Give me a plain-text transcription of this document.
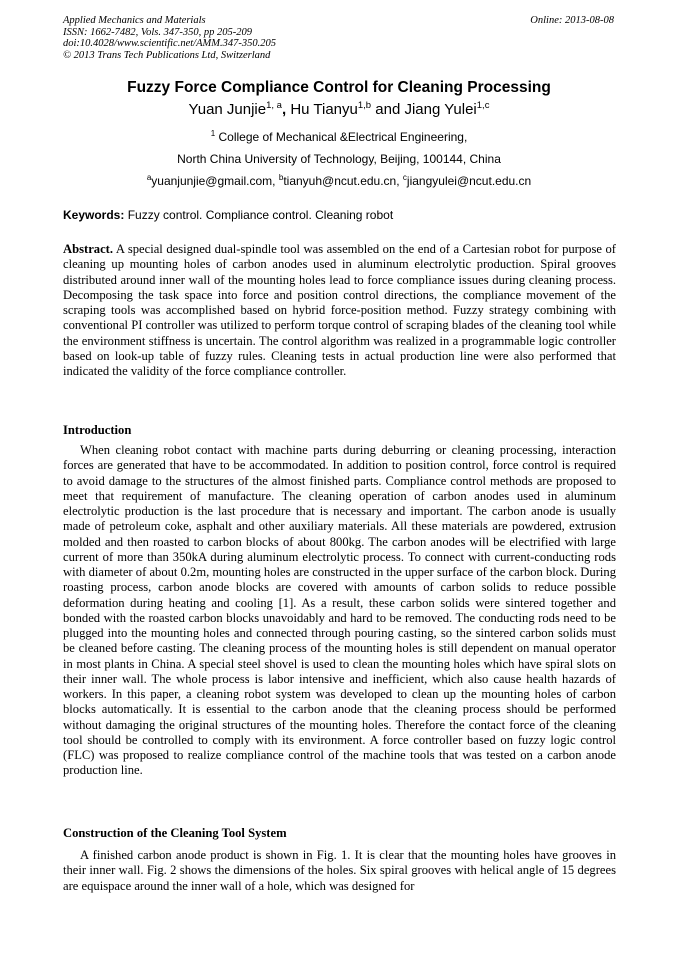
Applied Mechanics and Materials
ISSN: 1662-7482, Vols. 347-350, pp 205-209
doi:10.4028/www.scientific.net/AMM.347-350.205
© 2013 Trans Tech Publications Ltd, Switzerland
Online: 2013-08-08
Fuzzy Force Compliance Control for Cleaning Processing
Yuan Junjie$^{1, a}$, Hu Tianyu$^{1,b}$ and Jiang Yulei$^{1,c}$
$^1$ College of Mechanical &Electrical Engineering,
North China University of Technology, Beijing, 100144, China
$^a$yuanjunjie@gmail.com, $^b$tianyuh@ncut.edu.cn, $^c$jiangyulei@ncut.edu.cn
Keywords: Fuzzy control. Compliance control. Cleaning robot
Abstract. A special designed dual-spindle tool was assembled on the end of a Cartesian robot for purpose of cleaning up mounting holes of carbon anodes used in aluminum electrolytic production. Spiral grooves distributed around inner wall of the mounting holes lead to force compliance issues during cleaning process. Decomposing the task space into force and position control directions, the compliance movement of the scraping tools was accomplished based on hybrid force-position method. Fuzzy strategy combining with conventional PI controller was utilized to perform torque control of scraping blades of the cleaning tool while the environment stiffness is uncertain. The control algorithm was realized in a programmable logic controller based on look-up table of fuzzy rules. Cleaning tests in actual production line were also performed that indicated the validity of the force compliance controller.
Introduction
When cleaning robot contact with machine parts during deburring or cleaning processing, interaction forces are generated that have to be accommodated. In addition to position control, force control is required to avoid damage to the structures of the almost finished parts. Compliance control methods are proposed to meet that requirement of manufacture. The cleaning operation of carbon anodes used in aluminum electrolytic production is the last procedure that is necessary and important. The carbon anode is usually made of petroleum coke, asphalt and other auxiliary materials. All these materials are powdered, extrusion molded and then roasted to carbon blocks of about 800kg. The carbon anodes will be electrified with large current of more than 350kA during aluminum electrolytic process. To connect with current-conducting rods with diameter of about 0.2m, mounting holes are constructed in the upper surface of the carbon block. During roasting process, carbon anode blocks are covered with amounts of carbon solids to reduce possible deformation during heating and cooling [1]. As a result, these carbon solids were sintered together and bonded with the roasted carbon blocks unavoidably and hard to be removed. The conducting rods need to be plugged into the mounting holes and connected through pouring casting, so the sintered carbon solids must be cleaned before casting. The cleaning process of the mounting holes is still dependent on manual operator in most plants in China. A special steel shovel is used to clean the mounting holes which have spiral slots on their inner wall. The whole process is labor intensive and inefficient, which also cause health hazards of workers. In this paper, a cleaning robot system was developed to clean up the mounting holes of carbon blocks automatically. It is essential to the carbon anode that the cleaning process should be performed without damaging the original structures of the mounting holes. Therefore the contact force of the cleaning tool should be controlled to comply with its environment. A force controller based on fuzzy logic control (FLC) was proposed to realize compliance control of the machine tools that was tested on a carbon anode production line.
Construction of the Cleaning Tool System
A finished carbon anode product is shown in Fig. 1. It is clear that the mounting holes have grooves in their inner wall. Fig. 2 shows the dimensions of the holes. Six spiral grooves with helical angle of 15 degrees are equispace around the inner wall of a hole, which was designed for
